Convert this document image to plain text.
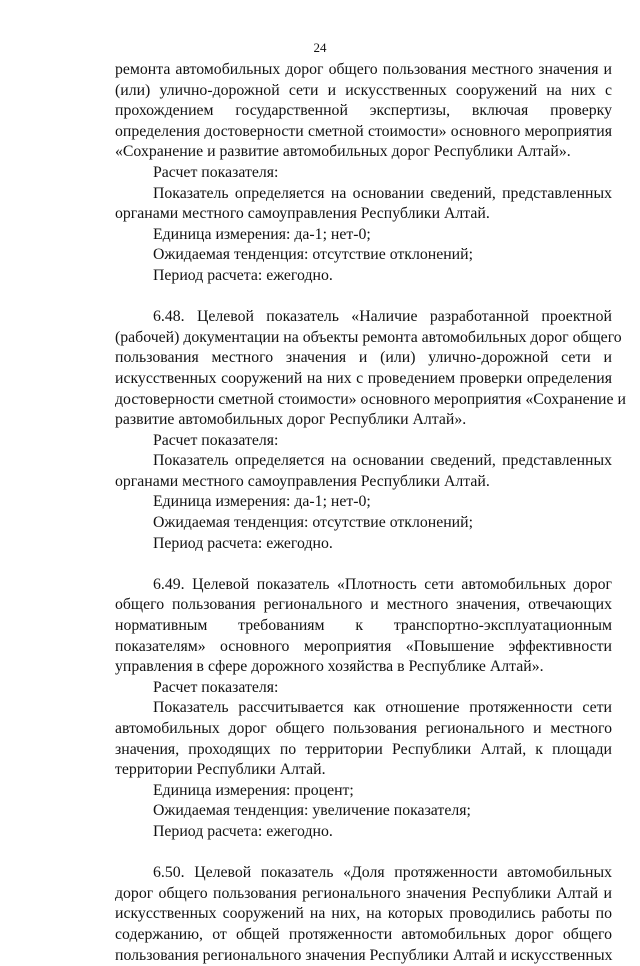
24
ремонта автомобильных дорог общего пользования местного значения и
(или) улично-дорожной сети и искусственных сооружений на них с
прохождением государственной экспертизы, включая проверку
определения достоверности сметной стоимости» основного мероприятия
«Сохранение и развитие автомобильных дорог Республики Алтай».
Расчет показателя:
Показатель определяется на основании сведений, представленных
органами местного самоуправления Республики Алтай.
Единица измерения: да-1; нет-0;
Ожидаемая тенденция: отсутствие отклонений;
Период расчета: ежегодно.
6.48. Целевой показатель «Наличие разработанной проектной
(рабочей) документации на объекты ремонта автомобильных дорог общего
пользования местного значения и (или) улично-дорожной сети и
искусственных сооружений на них с проведением проверки определения
достоверности сметной стоимости» основного мероприятия «Сохранение и
развитие автомобильных дорог Республики Алтай».
Расчет показателя:
Показатель определяется на основании сведений, представленных
органами местного самоуправления Республики Алтай.
Единица измерения: да-1; нет-0;
Ожидаемая тенденция: отсутствие отклонений;
Период расчета: ежегодно.
6.49. Целевой показатель «Плотность сети автомобильных дорог
общего пользования регионального и местного значения, отвечающих
нормативным требованиям к транспортно-эксплуатационным
показателям» основного мероприятия «Повышение эффективности
управления в сфере дорожного хозяйства в Республике Алтай».
Расчет показателя:
Показатель рассчитывается как отношение протяженности сети
автомобильных дорог общего пользования регионального и местного
значения, проходящих по территории Республики Алтай, к площади
территории Республики Алтай.
Единица измерения: процент;
Ожидаемая тенденция: увеличение показателя;
Период расчета: ежегодно.
6.50. Целевой показатель «Доля протяженности автомобильных
дорог общего пользования регионального значения Республики Алтай и
искусственных сооружений на них, на которых проводились работы по
содержанию, от общей протяженности автомобильных дорог общего
пользования регионального значения Республики Алтай и искусственных
